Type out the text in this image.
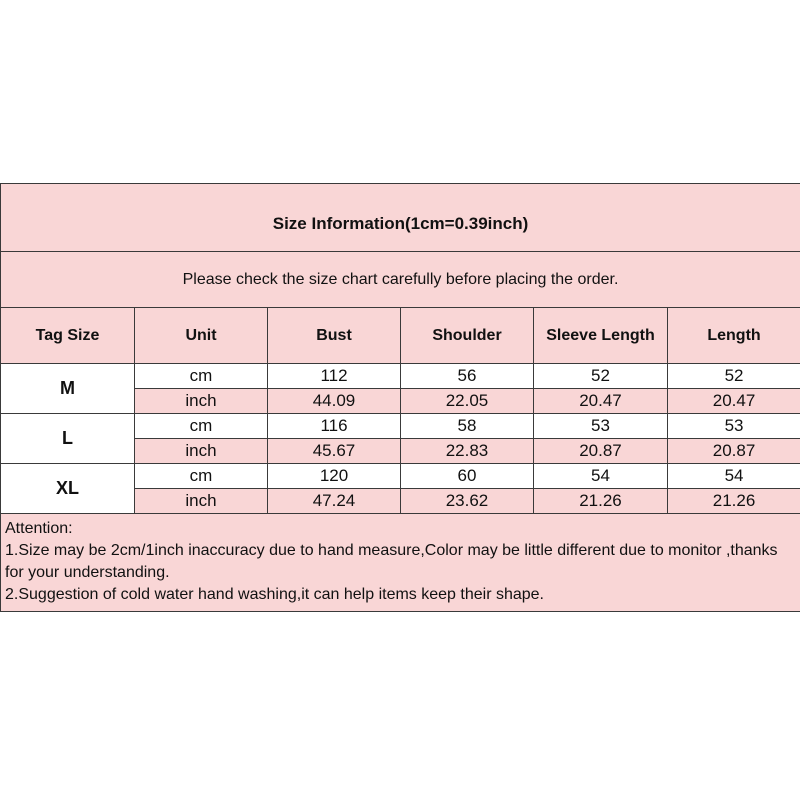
Size Information(1cm=0.39inch)					
Please check the size chart carefully before placing the order.					
Tag Size	Unit	Bust	Shoulder	Sleeve Length	Length
M	cm	112	56	52	52
	inch	44.09	22.05	20.47	20.47
L	cm	116	58	53	53
	inch	45.67	22.83	20.87	20.87
XL	cm	120	60	54	54
	inch	47.24	23.62	21.26	21.26

Attention:
1.Size may be 2cm/1inch inaccuracy due to hand measure,Color may be little different due to monitor ,thanks for your understanding.
2.Suggestion of cold water hand washing,it can help items keep their shape.					
